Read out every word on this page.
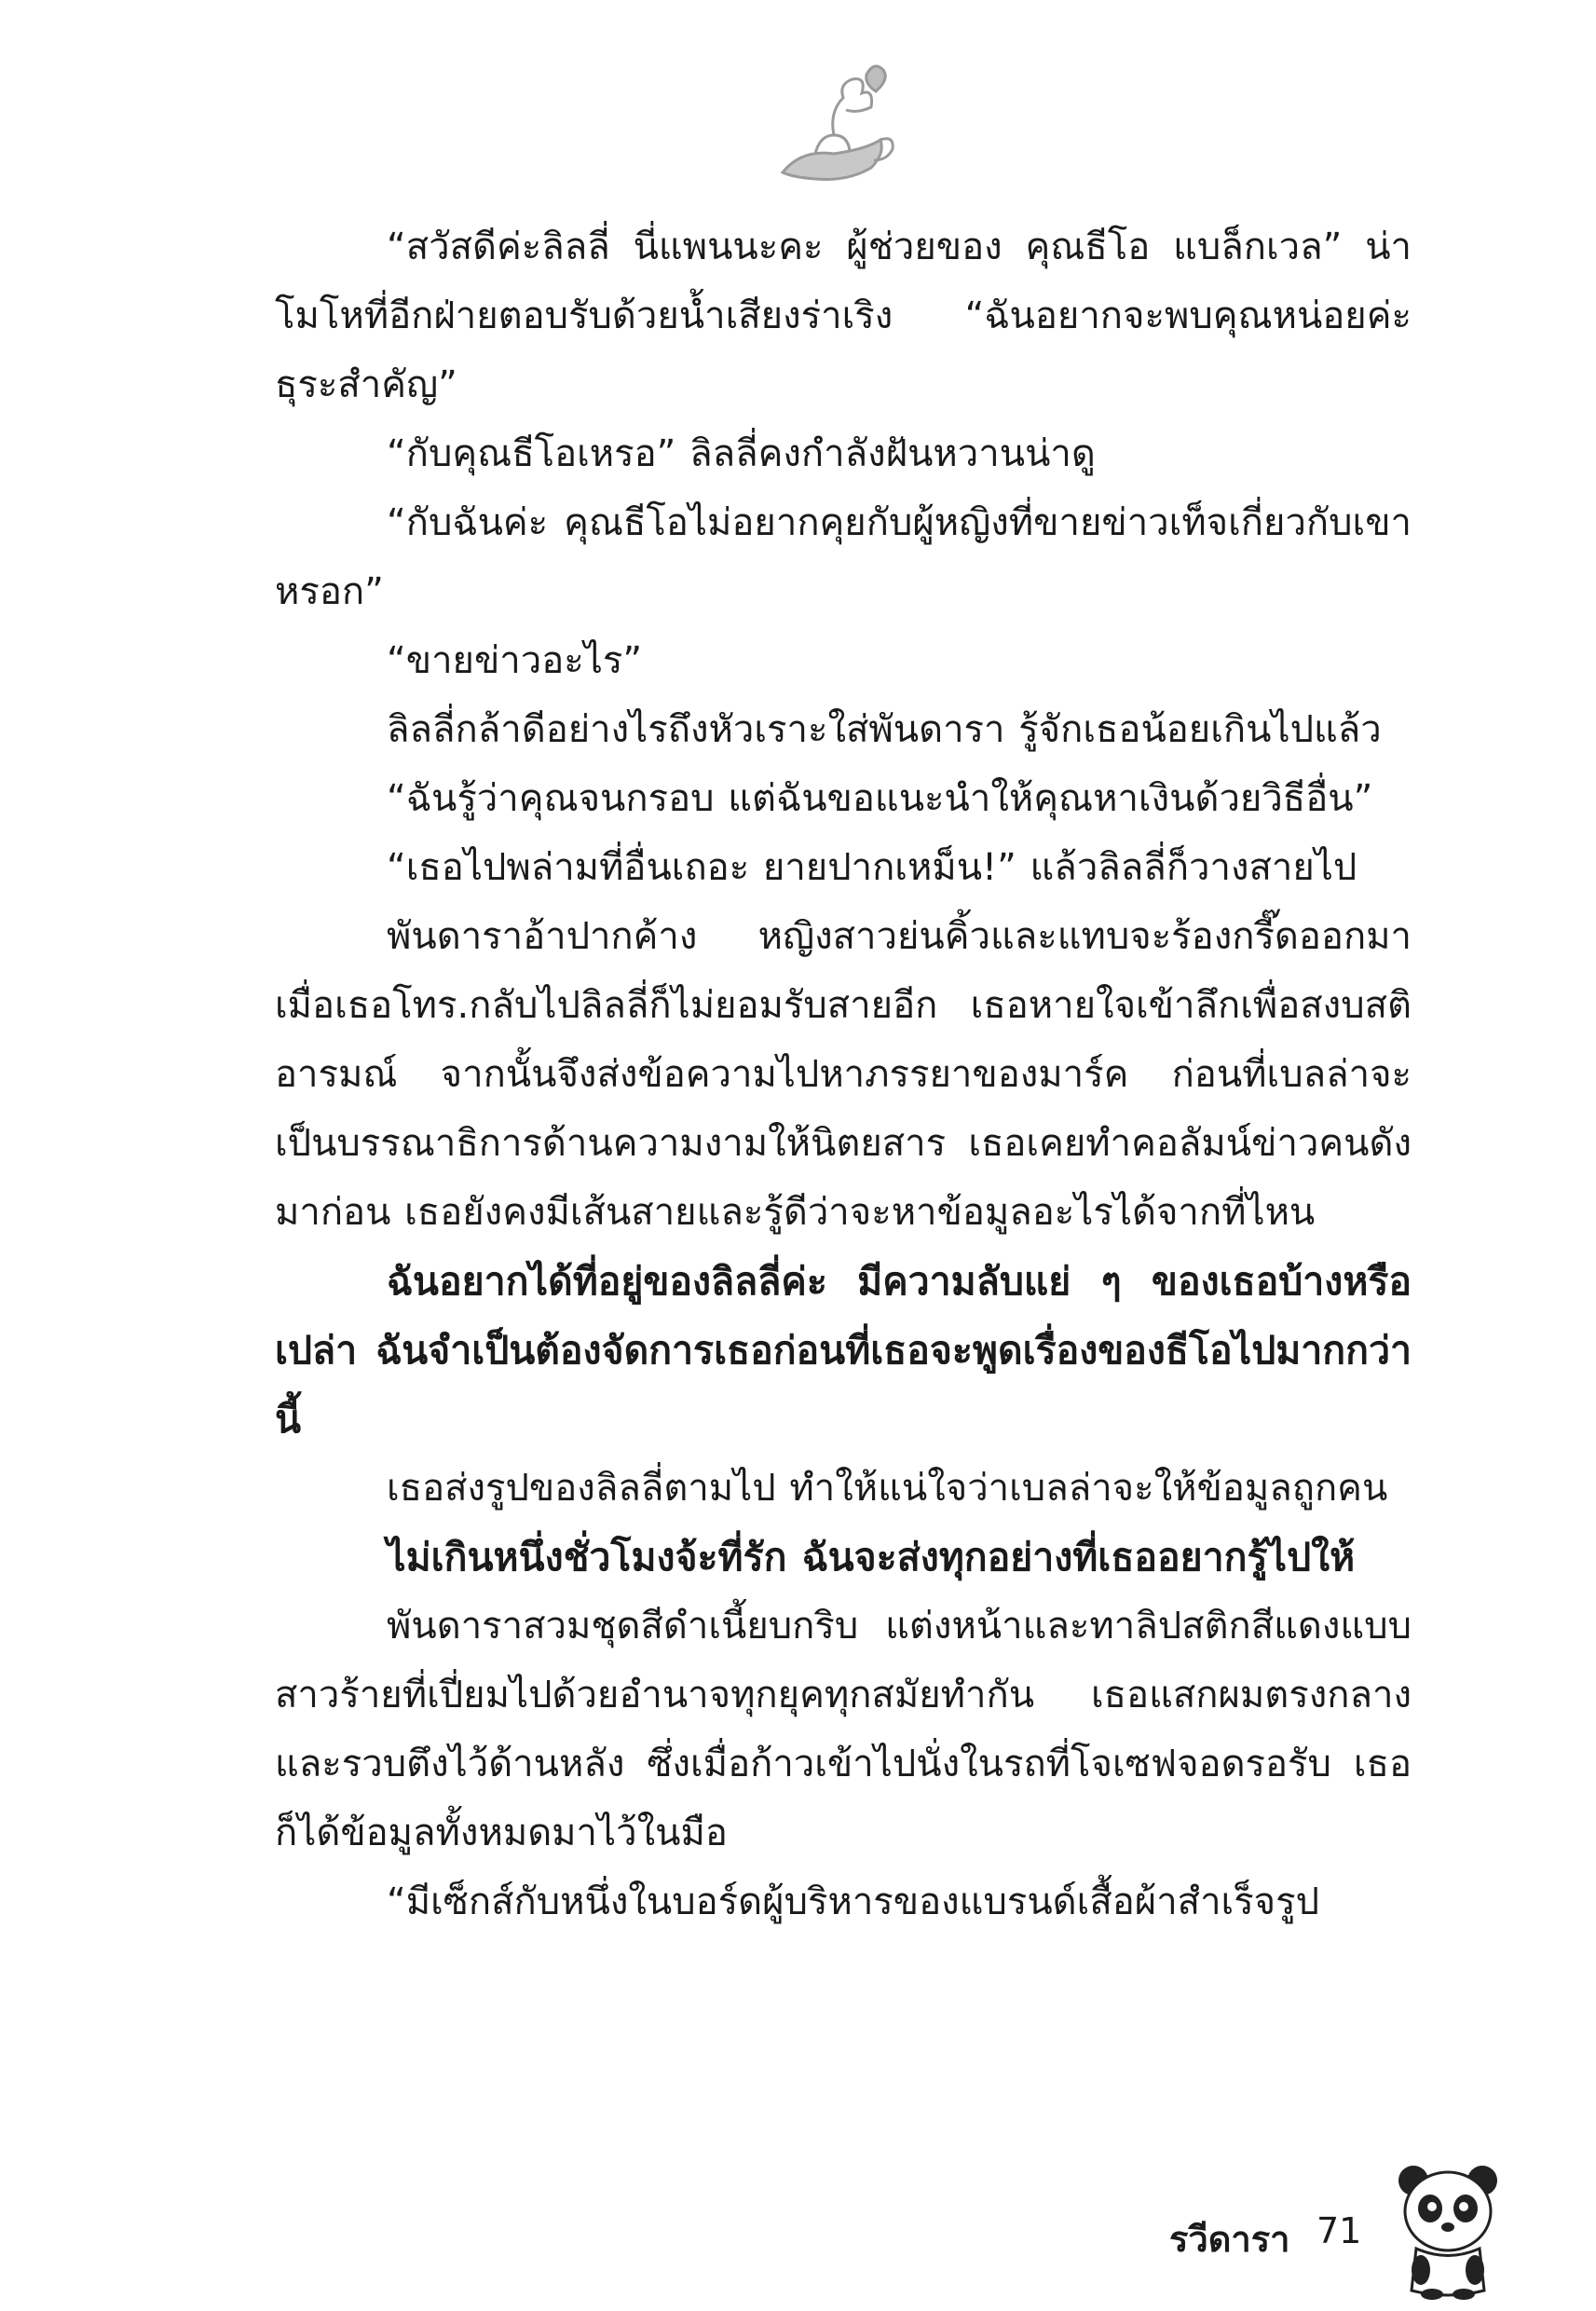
“สวัสดีค่ะลิลลี่ นี่แพนนะคะ ผู้ช่วยของ คุณธีโอ แบล็กเวล” น่าโมโหที่อีกฝ่ายตอบรับด้วยน้ำเสียงร่าเริง “ฉันอยากจะพบคุณหน่อยค่ะ ธุระสำคัญ”

“กับคุณธีโอเหรอ” ลิลลี่คงกำลังฝันหวานน่าดู

“กับฉันค่ะ คุณธีโอไม่อยากคุยกับผู้หญิงที่ขายข่าวเท็จเกี่ยวกับเขาหรอก”

“ขายข่าวอะไร”

ลิลลี่กล้าดีอย่างไรถึงหัวเราะใส่พันดารา รู้จักเธอน้อยเกินไปแล้ว

“ฉันรู้ว่าคุณจนกรอบ แต่ฉันขอแนะนำให้คุณหาเงินด้วยวิธีอื่น”

“เธอไปพล่ามที่อื่นเถอะ ยายปากเหม็น!” แล้วลิลลี่ก็วางสายไป

พันดาราอ้าปากค้าง หญิงสาวย่นคิ้วและแทบจะร้องกรี๊ดออกมา เมื่อเธอโทร.กลับไปลิลลี่ก็ไม่ยอมรับสายอีก เธอหายใจเข้าลึกเพื่อสงบสติอารมณ์ จากนั้นจึงส่งข้อความไปหาภรรยาของมาร์ค ก่อนที่เบลล่าจะเป็นบรรณาธิการด้านความงามให้นิตยสาร เธอเคยทำคอลัมน์ข่าวคนดังมาก่อน เธอยังคงมีเส้นสายและรู้ดีว่าจะหาข้อมูลอะไรได้จากที่ไหน

ฉันอยากได้ที่อยู่ของลิลลี่ค่ะ มีความลับแย่ ๆ ของเธอบ้างหรือเปล่า ฉันจำเป็นต้องจัดการเธอก่อนที่เธอจะพูดเรื่องของธีโอไปมากกว่านี้

เธอส่งรูปของลิลลี่ตามไป ทำให้แน่ใจว่าเบลล่าจะให้ข้อมูลถูกคน

ไม่เกินหนึ่งชั่วโมงจ้ะที่รัก ฉันจะส่งทุกอย่างที่เธออยากรู้ไปให้

พันดาราสวมชุดสีดำเนี้ยบกริบ แต่งหน้าและทาลิปสติกสีแดงแบบสาวร้ายที่เปี่ยมไปด้วยอำนาจทุกยุคทุกสมัยทำกัน เธอแสกผมตรงกลางและรวบตึงไว้ด้านหลัง ซึ่งเมื่อก้าวเข้าไปนั่งในรถที่โจเซฟจอดรอรับ เธอก็ได้ข้อมูลทั้งหมดมาไว้ในมือ

“มีเซ็กส์กับหนึ่งในบอร์ดผู้บริหารของแบรนด์เสื้อผ้าสำเร็จรูป

รวีดารา 71
